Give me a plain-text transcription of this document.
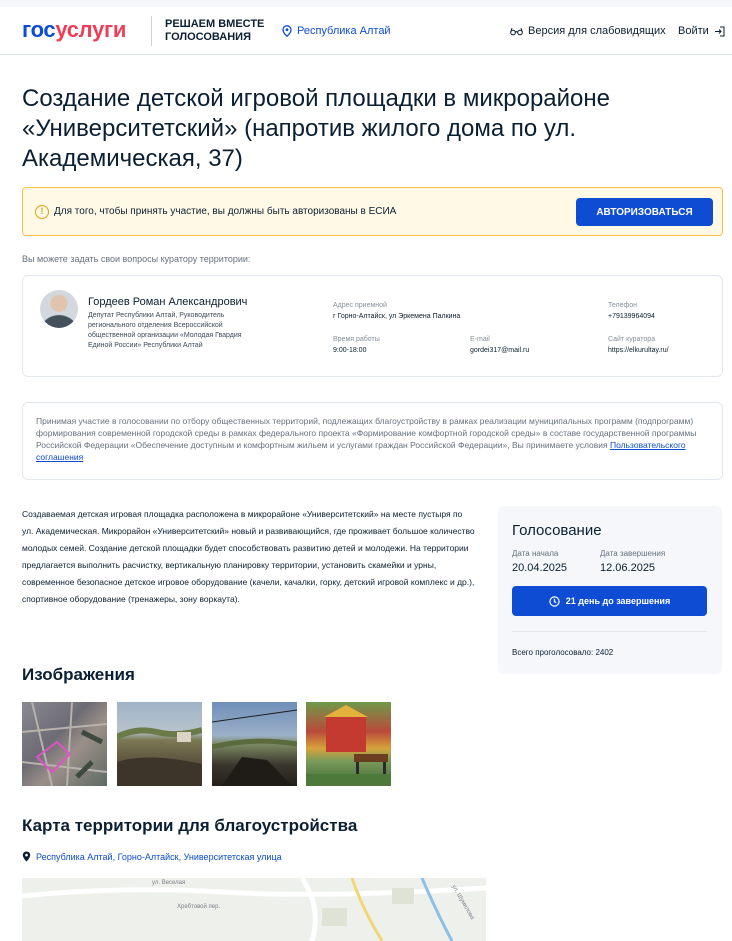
госуслуги	РЕШАЕМ ВМЕСТЕ ГОЛОСОВАНИЯ	Республика Алтай	Версия для слабовидящих Войти
Создание детской игровой площадки в микрорайоне «Университетский» (напротив жилого дома по ул. Академическая, 37)
!	Для того, чтобы принять участие, вы должны быть авторизованы в ЕСИА	АВТОРИЗОВАТЬСЯ
Вы можете задать свои вопросы куратору территории:
Гордеев Роман Александрович
Депутат Республики Алтай, Руководитель регионального отделения Всероссийской общественной организации «Молодая Гвардия Единой России» Республики Алтай
Адрес приемной
г Горно-Алтайск, ул Эркемена Палкина
Телефон
+79139964094
Время работы
9:00-18:00
E-mail
gordei317@mail.ru
Сайт куратора
https://elkurultay.ru/
Принимая участие в голосовании по отбору общественных территорий, подлежащих благоустройству в рамках реализации муниципальных программ (подпрограмм) формирования современной городской среды в рамках федерального проекта «Формирование комфортной городской среды» в составе государственной программы Российской Федерации «Обеспечение доступным и комфортным жильем и услугами граждан Российской Федерации», Вы принимаете условия Пользовательского соглашения
Создаваемая детская игровая площадка расположена в микрорайоне «Университетский» на месте пустыря по
ул. Академическая. Микрорайон «Университетский» новый и развивающийся, где проживает большое количество молодых семей. Создание детской площадки будет способствовать развитию детей и молодежи. На территории предлагается выполнить расчистку, вертикальную планировку территории, установить скамейки и урны, современное безопасное детское игровое оборудование (качели, качалки, горку, детский игровой комплекс и др.), спортивное оборудование (тренажеры, зону воркаута).
Голосование
Дата начала
20.04.2025
Дата завершения
12.06.2025
21 день до завершения
Всего проголосовало: 2402
Изображения
Карта территории для благоустройства
Республика Алтай, Горно-Алтайск, Университетская улица
ул. Веселая
Хребтовой пер.	ул. Шумилова
